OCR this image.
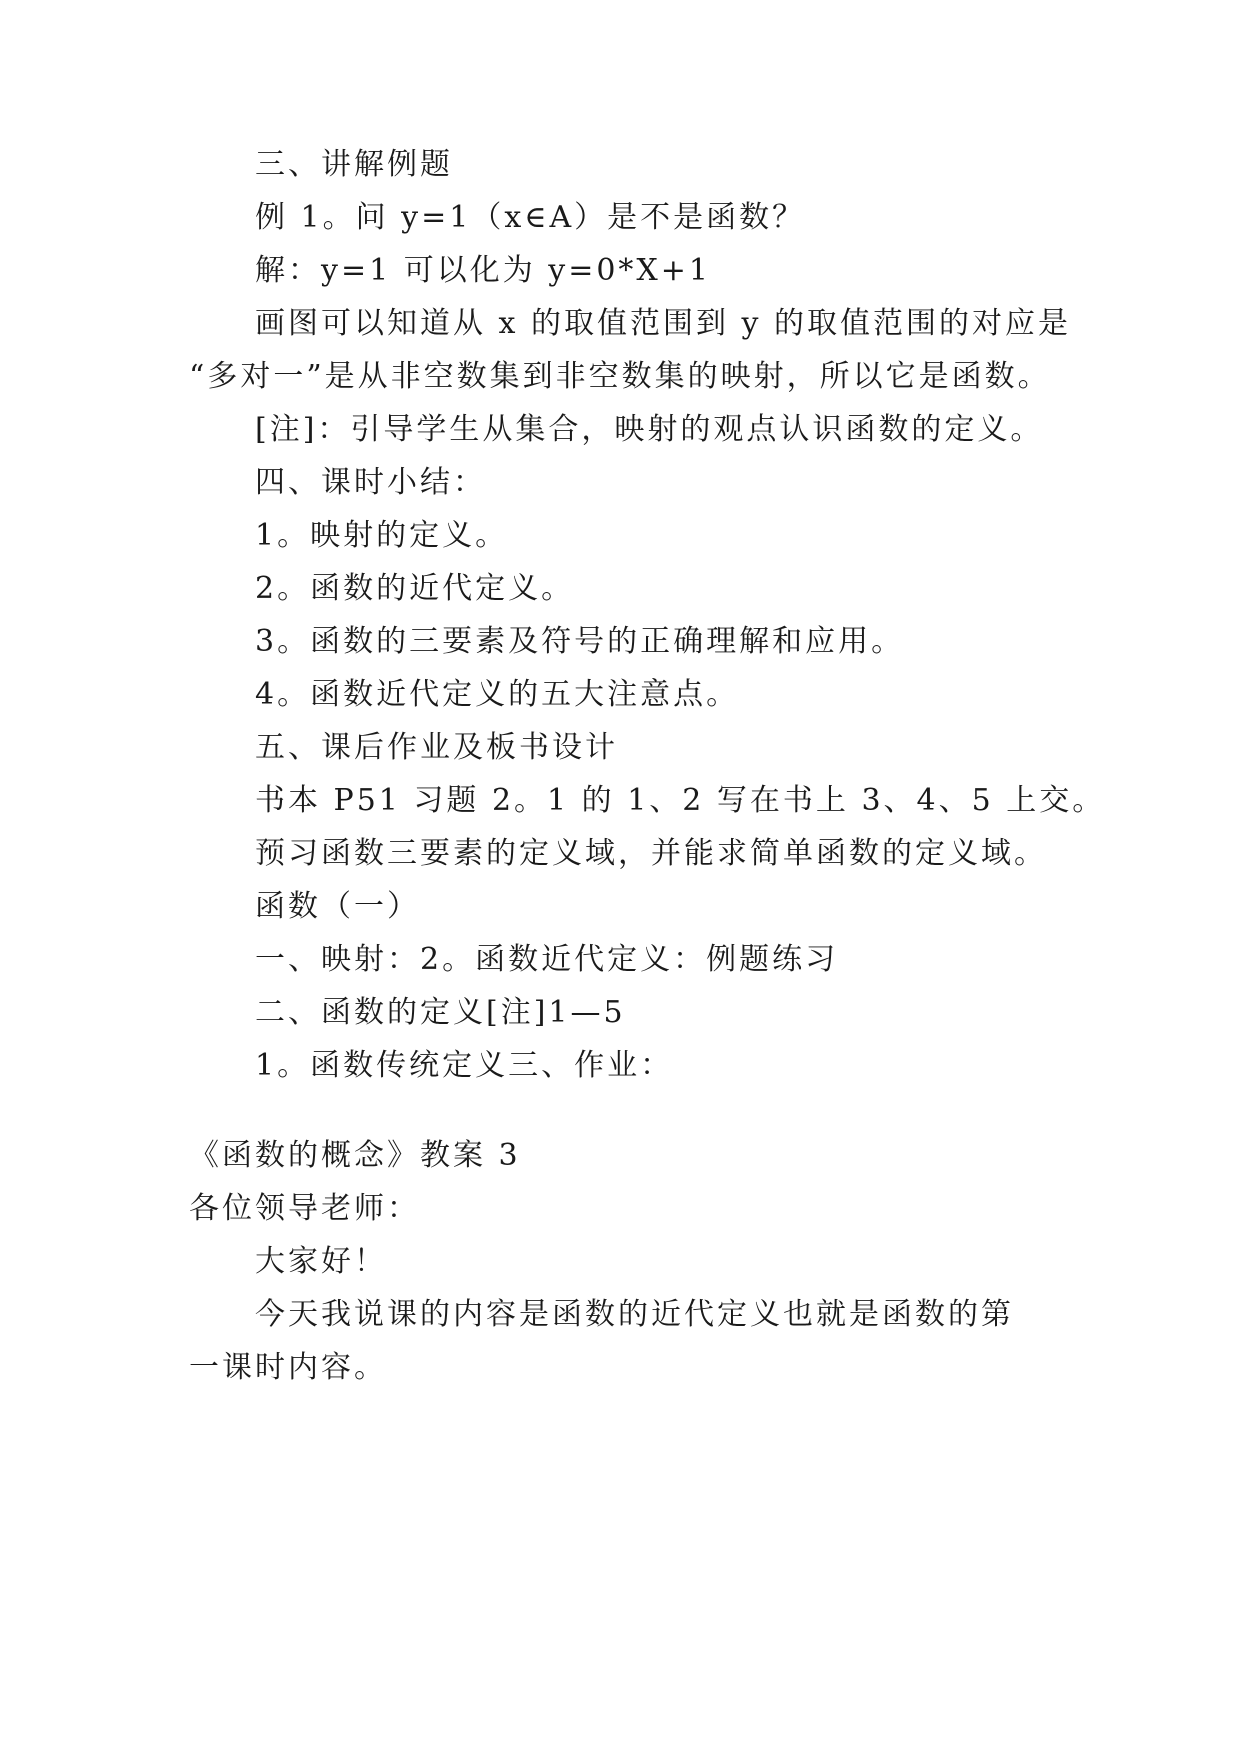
三、讲解例题

例 1。问 y=1（x∈A）是不是函数？

解：y=1 可以化为 y=0*X+1

画图可以知道从 x 的取值范围到 y 的取值范围的对应是

“多对一”是从非空数集到非空数集的映射，所以它是函数。

[注]：引导学生从集合，映射的观点认识函数的定义。

四、课时小结：

1。映射的定义。

2。函数的近代定义。

3。函数的三要素及符号的正确理解和应用。

4。函数近代定义的五大注意点。

五、课后作业及板书设计

书本 P51 习题 2。1 的 1、2 写在书上 3、4、5 上交。

预习函数三要素的定义域，并能求简单函数的定义域。

函数（一）

一、映射：2。函数近代定义：例题练习

二、函数的定义[注]1—5

1。函数传统定义三、作业：

《函数的概念》教案 3

各位领导老师：

大家好！

今天我说课的内容是函数的近代定义也就是函数的第

一课时内容。
